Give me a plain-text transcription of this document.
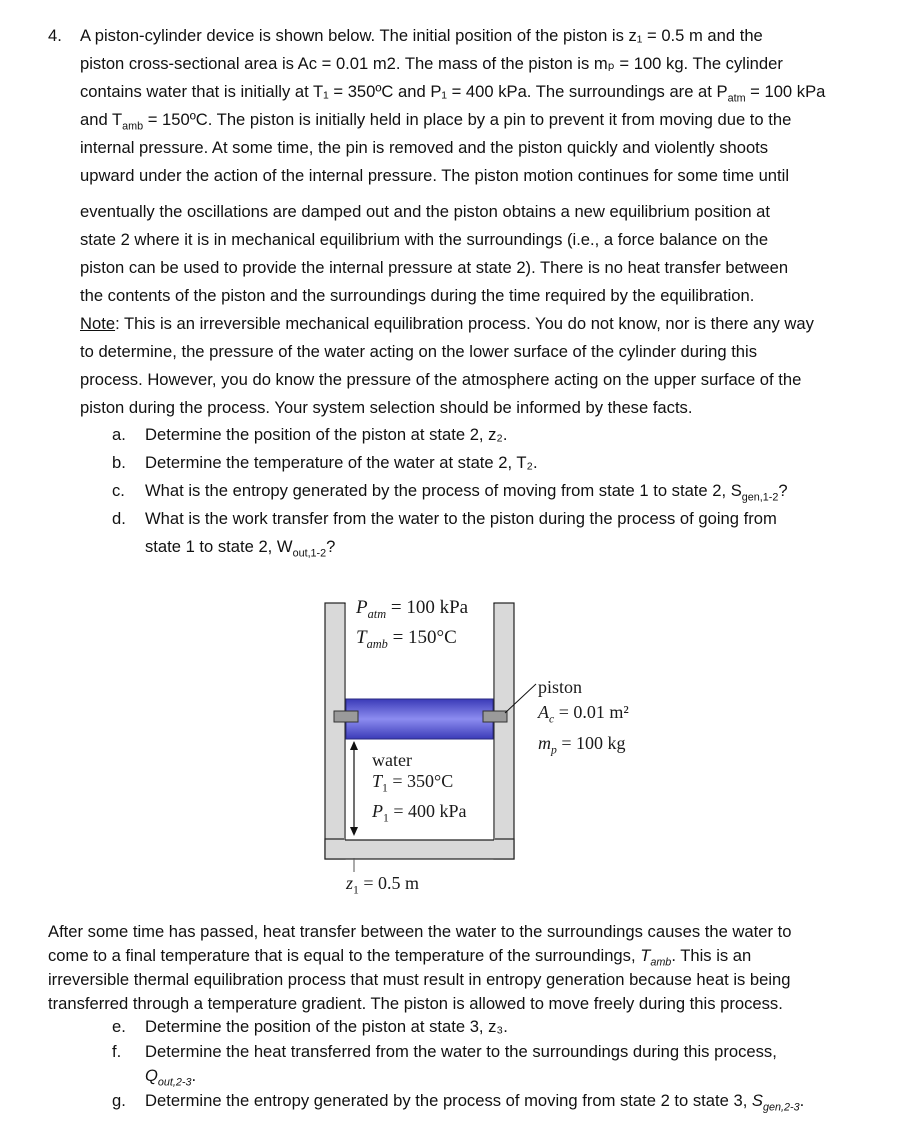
4. A piston-cylinder device is shown below. The initial position of the piston is z₁ = 0.5 m and the
piston cross-sectional area is Aᴄ = 0.01 m2. The mass of the piston is mₚ = 100 kg. The cylinder
contains water that is initially at T₁ = 350ºC and P₁ = 400 kPa. The surroundings are at $P_{atm} = 100$ kPa
and $T_{amb}$ = 150ºC. The piston is initially held in place by a pin to prevent it from moving due to the
internal pressure. At some time, the pin is removed and the piston quickly and violently shoots
upward under the action of the internal pressure. The piston motion continues for some time until
eventually the oscillations are damped out and the piston obtains a new equilibrium position at
state 2 where it is in mechanical equilibrium with the surroundings (i.e., a force balance on the
piston can be used to provide the internal pressure at state 2). There is no heat transfer between
the contents of the piston and the surroundings during the time required by the equilibration.
Note: This is an irreversible mechanical equilibration process. You do not know, nor is there any way
to determine, the pressure of the water acting on the lower surface of the cylinder during this
process. However, you do know the pressure of the atmosphere acting on the upper surface of the
piston during the process. Your system selection should be informed by these facts.
a. Determine the position of the piston at state 2, z₂.
b. Determine the temperature of the water at state 2, T₂.
c. What is the entropy generated by the process of moving from state 1 to state 2, $S_{gen,1-2}$?
d. What is the work transfer from the water to the piston during the process of going from
state 1 to state 2, $W_{out,1-2}$?
$P_{atm} = 100$ kPa
$T_{amb} = 150^\circ C$
piston
$A_c = 0.01$ m²
$m_p = 100$ kg
water
$T_1 = 350^\circ C$
$P_1 = 400$ kPa
$z_1 = 0.5$ m
After some time has passed, heat transfer between the water to the surroundings causes the water to
come to a final temperature that is equal to the temperature of the surroundings, $T_{amb}$. This is an
irreversible thermal equilibration process that must result in entropy generation because heat is being
transferred through a temperature gradient. The piston is allowed to move freely during this process.
e. Determine the position of the piston at state 3, z₃.
f. Determine the heat transferred from the water to the surroundings during this process,
$Q_{out,2-3}$.
g. Determine the entropy generated by the process of moving from state 2 to state 3, $S_{gen,2-3}$.
